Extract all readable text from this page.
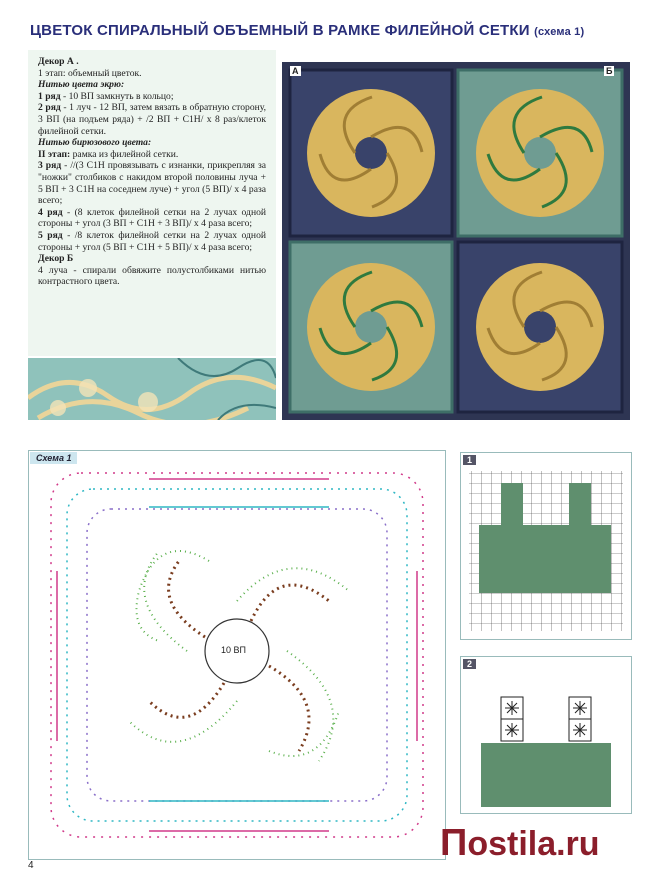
ЦВЕТОК СПИРАЛЬНЫЙ ОБЪЕМНЫЙ В РАМКЕ ФИЛЕЙНОЙ СЕТКИ (схема 1)

Декор А .

1 этап: объемный цветок.

Нитью цвета экрю:

1 ряд - 10 ВП замкнуть в кольцо;

2 ряд - 1 луч - 12 ВП, затем вязать в обратную сторону, 3 ВП (на подъем ряда) + /2 ВП + С1Н/ х 8 раз/клеток филейной сетки.

Нитью бирюзового цвета:

II этап: рамка из филейной сетки.

3 ряд - //(3 С1Н провязывать с изнанки, прикрепляя за "ножки" столбиков с накидом второй половины луча + 5 ВП + 3 С1Н на соседнем луче) + угол (5 ВП)/ х 4 раза всего;

4 ряд - (8 клеток филейной сетки на 2 лучах одной стороны + угол (3 ВП + С1Н + 3 ВП)/ х 4 раза всего;

5 ряд - /8 клеток филейной сетки на 2 лучах одной стороны + угол (5 ВП + С1Н + 5 ВП)/ х 4 раза всего;

Декор Б

4 луча - спирали обвяжите полустолбиками нитью контрастного цвета.

А	Б
10 ВП
Схема 1	1
2
4
Пostila.ru
